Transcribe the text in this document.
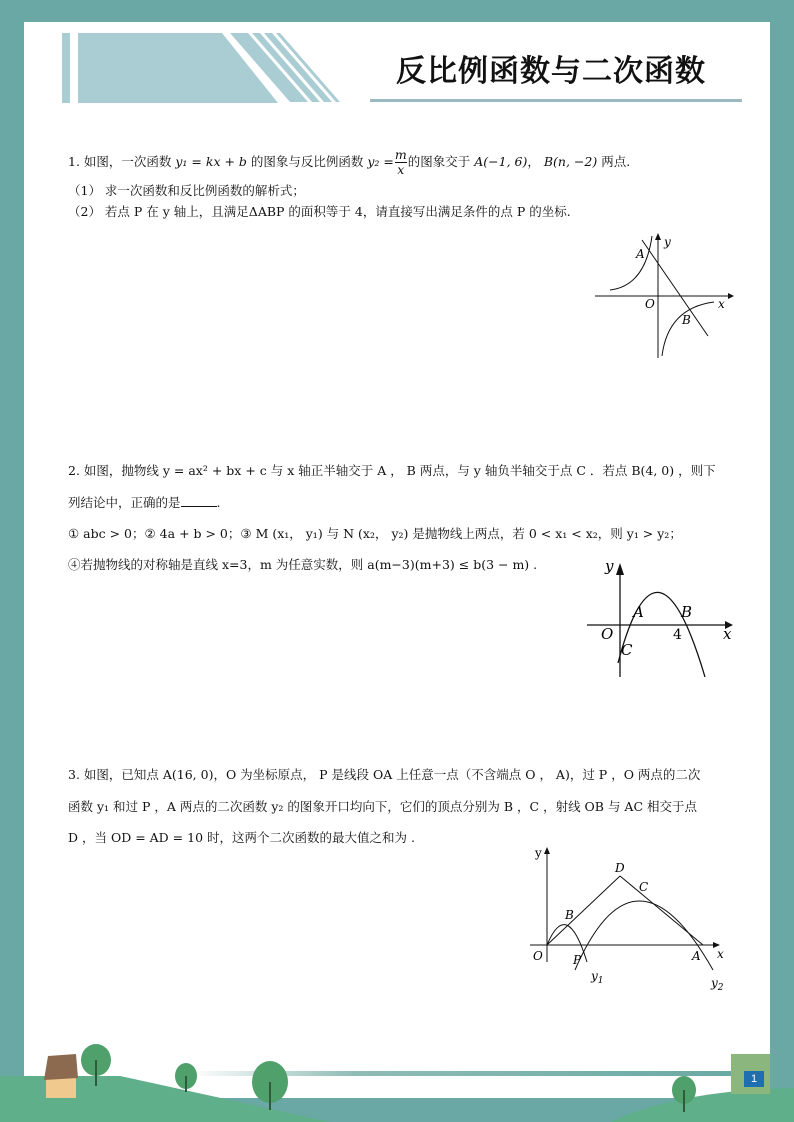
反比例函数与二次函数
1. 如图，一次函数 y₁ = kx + b 的图象与反比例函数 $y_2 = \frac{m}{x}$ 的图象交于 A(−1, 6)， B(n, −2) 两点.
（1） 求一次函数和反比例函数的解析式；
（2） 若点 P 在 y 轴上，且满足ΔABP 的面积等于 4，请直接写出满足条件的点 P 的坐标.
A
y
O	x
B
2. 如图，抛物线 y = ax² + bx + c 与 x 轴正半轴交于 A ， B 两点，与 y 轴负半轴交于点 C ．若点 B(4, 0) ，则下
列结论中，正确的是	.
① abc > 0；② 4a + b > 0；③ M (x₁， y₁) 与 N (x₂， y₂) 是抛物线上两点，若 0 < x₁ < x₂，则 y₁ > y₂；
④若抛物线的对称轴是直线 x=3，m 为任意实数，则 a(m−3)(m+3) ≤ b(3 − m) .	y
A B
O	4	x
C
3. 如图，已知点 A(16, 0)，O 为坐标原点， P 是线段 OA 上任意一点（不含端点 O ， A)，过 P ，O 两点的二次
函数 y₁ 和过 P ，A 两点的二次函数 y₂ 的图象开口均向下，它们的顶点分别为 B ，C ，射线 OB 与 AC 相交于点
D ，当 OD = AD = 10 时，这两个二次函数的最大值之和为 .
y
D
C
B
O	P	A x
$y_1$	$y_2$
1
